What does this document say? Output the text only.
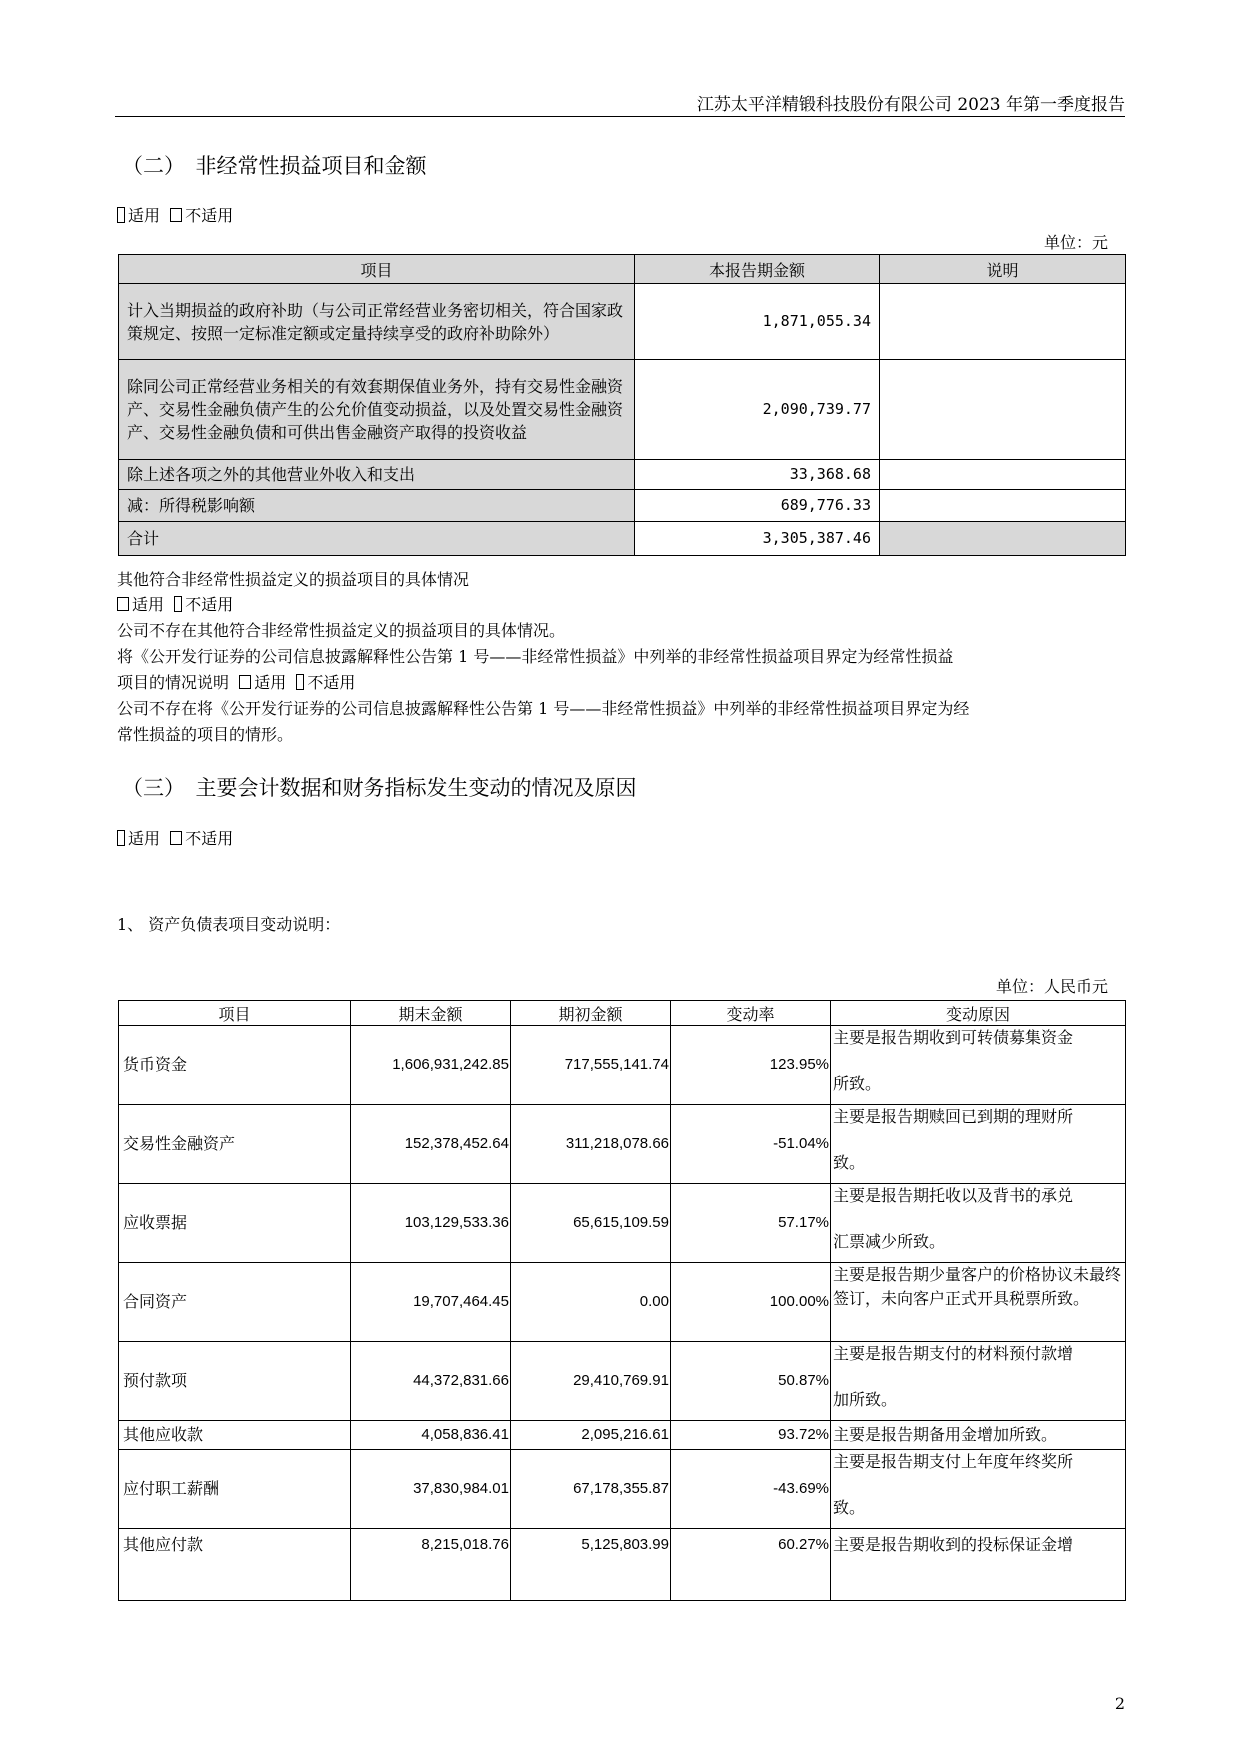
江苏太平洋精锻科技股份有限公司 2023 年第一季度报告
（二）　非经常性损益项目和金额
适用 不适用
单位：元
项目	本报告期金额	说明
计入当期损益的政府补助（与公司正常经营业务密切相关，符合国家政策规定、按照一定标准定额或定量持续享受的政府补助除外）	1,871,055.34	
除同公司正常经营业务相关的有效套期保值业务外，持有交易性金融资产、交易性金融负债产生的公允价值变动损益，以及处置交易性金融资产、交易性金融负债和可供出售金融资产取得的投资收益	2,090,739.77	
除上述各项之外的其他营业外收入和支出	33,368.68	
减：所得税影响额	689,776.33	
合计	3,305,387.46	
其他符合非经常性损益定义的损益项目的具体情况
适用 不适用
公司不存在其他符合非经常性损益定义的损益项目的具体情况。
将《公开发行证券的公司信息披露解释性公告第 1 号——非经常性损益》中列举的非经常性损益项目界定为经常性损益
项目的情况说明 适用 不适用
公司不存在将《公开发行证券的公司信息披露解释性公告第 1 号——非经常性损益》中列举的非经常性损益项目界定为经
常性损益的项目的情形。
（三）　主要会计数据和财务指标发生变动的情况及原因
适用 不适用
1、 资产负债表项目变动说明：
单位：人民币元
项目	期末金额	期初金额	变动率	变动原因
货币资金	1,606,931,242.85	717,555,141.74	123.95%	主要是报告期收到可转债募集资金
所致。
交易性金融资产	152,378,452.64	311,218,078.66	-51.04%	主要是报告期赎回已到期的理财所
致。
应收票据	103,129,533.36	65,615,109.59	57.17%	主要是报告期托收以及背书的承兑
汇票减少所致。
合同资产	19,707,464.45	0.00	100.00%	主要是报告期少量客户的价格协议未最终签订，未向客户正式开具税票所致。
预付款项	44,372,831.66	29,410,769.91	50.87%	主要是报告期支付的材料预付款增
加所致。
其他应收款	4,058,836.41	2,095,216.61	93.72%	主要是报告期备用金增加所致。
应付职工薪酬	37,830,984.01	67,178,355.87	-43.69%	主要是报告期支付上年度年终奖所
致。
其他应付款	8,215,018.76	5,125,803.99	60.27%	主要是报告期收到的投标保证金增
2
